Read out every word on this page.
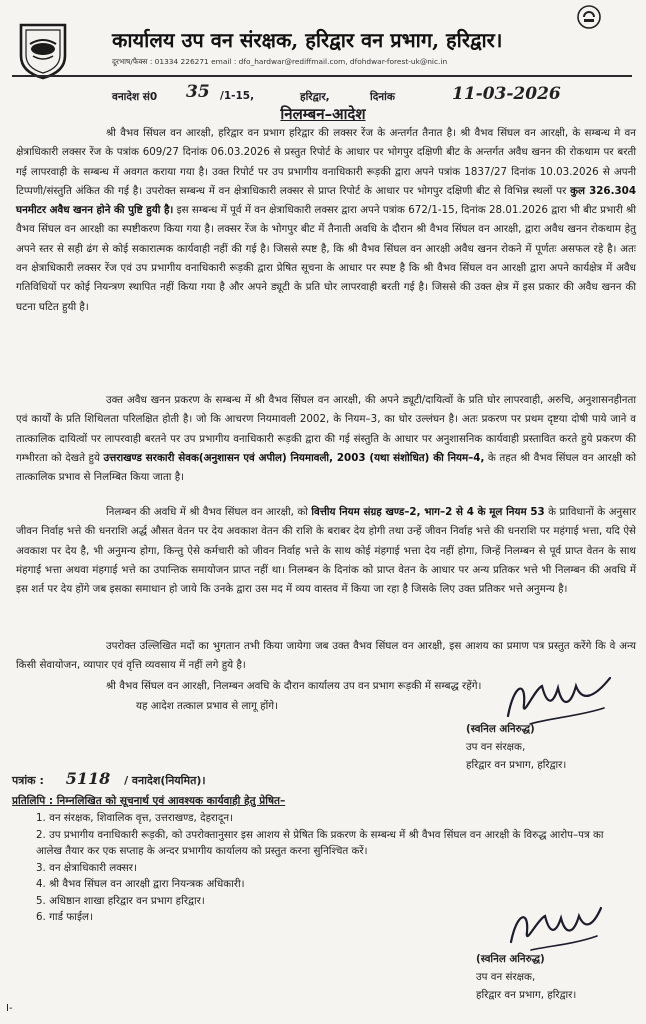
कार्यालय उप वन संरक्षक, हरिद्वार वन प्रभाग, हरिद्वार।
दूरभाष/फैक्स : 01334 226271 email : dfo_hardwar@rediffmail.com, dfohdwar-forest-uk@nic.in
वनादेश सं0 35 /1-15,	हरिद्वार,	दिनांक	11-03-2026
निलम्बन–आदेश
श्री वैभव सिंघल वन आरक्षी, हरिद्वार वन प्रभाग हरिद्वार की लक्सर रेंज के अन्तर्गत तैनात है। श्री वैभव सिंघल वन आरक्षी, के सम्बन्ध मे वन क्षेत्राधिकारी लक्सर रेंज के पत्रांक 609/27 दिनांक 06.03.2026 से प्रस्तुत रिपोर्ट के आधार पर भोगपुर दक्षिणी बीट के अन्तर्गत अवैध खनन की रोकथाम पर बरती गई लापरवाही के सम्बन्ध में अवगत कराया गया है। उक्त रिपोर्ट पर उप प्रभागीय वनाधिकारी रूड़की द्वारा अपने पत्रांक 1837/27 दिनांक 10.03.2026 से अपनी टिप्पणी/संस्तुति अंकित की गई है। उपरोक्त सम्बन्ध में वन क्षेत्राधिकारी लक्सर से प्राप्त रिपोर्ट के आधार पर भोगपुर दक्षिणी बीट से विभिन्न स्थलों पर कुल 326.304 घनमीटर अवैध खनन होने की पुष्टि हुयी है। इस सम्बन्ध में पूर्व में वन क्षेत्राधिकारी लक्सर द्वारा अपने पत्रांक 672/1-15, दिनांक 28.01.2026 द्वारा भी बीट प्रभारी श्री वैभव सिंघल वन आरक्षी का स्पष्टीकरण किया गया है। लक्सर रेंज के भोगपुर बीट में तैनाती अवधि के दौरान श्री वैभव सिंघल वन आरक्षी, द्वारा अवैध खनन रोकथाम हेतु अपने स्तर से सही ढंग से कोई सकारात्मक कार्यवाही नहीं की गई है। जिससे स्पष्ट है, कि श्री वैभव सिंघल वन आरक्षी अवैध खनन रोकने में पूर्णतः असफल रहे है। अतः वन क्षेत्राधिकारी लक्सर रेंज एवं उप प्रभागीय वनाधिकारी रूड़की द्वारा प्रेषित सूचना के आधार पर स्पष्ट है कि श्री वैभव सिंघल वन आरक्षी द्वारा अपने कार्यक्षेत्र में अवैध गतिविधियों पर कोई नियन्त्रण स्थापित नहीं किया गया है और अपने ड्यूटी के प्रति घोर लापरवाही बरती गई है। जिससे की उक्त क्षेत्र में इस प्रकार की अवैध खनन की घटना घटित हुयी है।
उक्त अवैध खनन प्रकरण के सम्बन्ध में श्री वैभव सिंघल वन आरक्षी, की अपने ड्यूटी/दायित्वों के प्रति घोर लापरवाही, अरुचि, अनुशासनहीनता एवं कार्यों के प्रति शिथिलता परिलक्षित होती है। जो कि आचरण नियमावली 2002, के नियम–3, का घोर उल्लंघन है। अतः प्रकरण पर प्रथम दृष्टया दोषी पाये जाने व तात्कालिक दायित्वों पर लापरवाही बरतने पर उप प्रभागीय वनाधिकारी रूड़की द्वारा की गई संस्तुति के आधार पर अनुशासनिक कार्यवाही प्रस्तावित करते हुये प्रकरण की गम्भीरता को देखते हुये उत्तराखण्ड सरकारी सेवक(अनुशासन एवं अपील) नियमावली, 2003 (यथा संशोधित) की नियम–4, के तहत श्री वैभव सिंघल वन आरक्षी को तात्कालिक प्रभाव से निलम्बित किया जाता है।
निलम्बन की अवधि में श्री वैभव सिंघल वन आरक्षी, को वित्तीय नियम संग्रह खण्ड–2, भाग–2 से 4 के मूल नियम 53 के प्राविधानों के अनुसार जीवन निर्वाह भत्ते की धनराशि अर्द्ध औसत वेतन पर देय अवकाश वेतन की राशि के बराबर देय होगी तथा उन्हें जीवन निर्वाह भत्ते की धनराशि पर महंगाई भत्ता, यदि ऐसे अवकाश पर देय है, भी अनुमन्य होगा, किन्तु ऐसे कर्मचारी को जीवन निर्वाह भत्ते के साथ कोई मंहगाई भत्ता देय नहीं होगा, जिन्हें निलम्बन से पूर्व प्राप्त वेतन के साथ मंहगाई भत्ता अथवा मंहगाई भत्ते का उपान्तिक समायोजन प्राप्त नहीं था। निलम्बन के दिनांक को प्राप्त वेतन के आधार पर अन्य प्रतिकर भत्ते भी निलम्बन की अवधि में इस शर्त पर देय होंगे जब इसका समाधान हो जाये कि उनके द्वारा उस मद में व्यय वास्तव में किया जा रहा है जिसके लिए उक्त प्रतिकर भत्ते अनुमन्य है।
उपरोक्त उल्लिखित मदों का भुगतान तभी किया जायेगा जब उक्त वैभव सिंघल वन आरक्षी, इस आशय का प्रमाण पत्र प्रस्तुत करेंगे कि वे अन्य किसी सेवायोजन, व्यापार एवं वृत्ति व्यवसाय में नहीं लगे हुये है।
श्री वैभव सिंघल वन आरक्षी, निलम्बन अवधि के दौरान कार्यालय उप वन प्रभाग रूड़की में सम्बद्ध रहेंगे।
यह आदेश तत्काल प्रभाव से लागू होंगे।
(स्वनिल अनिरुद्ध)
उप वन संरक्षक,
हरिद्वार वन प्रभाग, हरिद्वार।
पत्रांक : 5118 / वनादेश(नियमित)।
प्रतिलिपि : निम्नलिखित को सूचनार्थ एवं आवश्यक कार्यवाही हेतु प्रेषित–
1. वन संरक्षक, शिवालिक वृत्त, उत्तराखण्ड, देहरादून।
2. उप प्रभागीय वनाधिकारी रूड़की, को उपरोक्तानुसार इस आशय से प्रेषित कि प्रकरण के सम्बन्ध में श्री वैभव सिंघल वन आरक्षी के विरुद्ध आरोप–पत्र का आलेख तैयार कर एक सप्ताह के अन्दर प्रभागीय कार्यालय को प्रस्तुत करना सुनिश्चित करें।
3. वन क्षेत्राधिकारी लक्सर।
4. श्री वैभव सिंघल वन आरक्षी द्वारा नियन्त्रक अधिकारी।
5. अधिष्ठान शाखा हरिद्वार वन प्रभाग हरिद्वार।
6. गार्ड फाईल।
(स्वनिल अनिरुद्ध)
उप वन संरक्षक,
हरिद्वार वन प्रभाग, हरिद्वार।
I-
